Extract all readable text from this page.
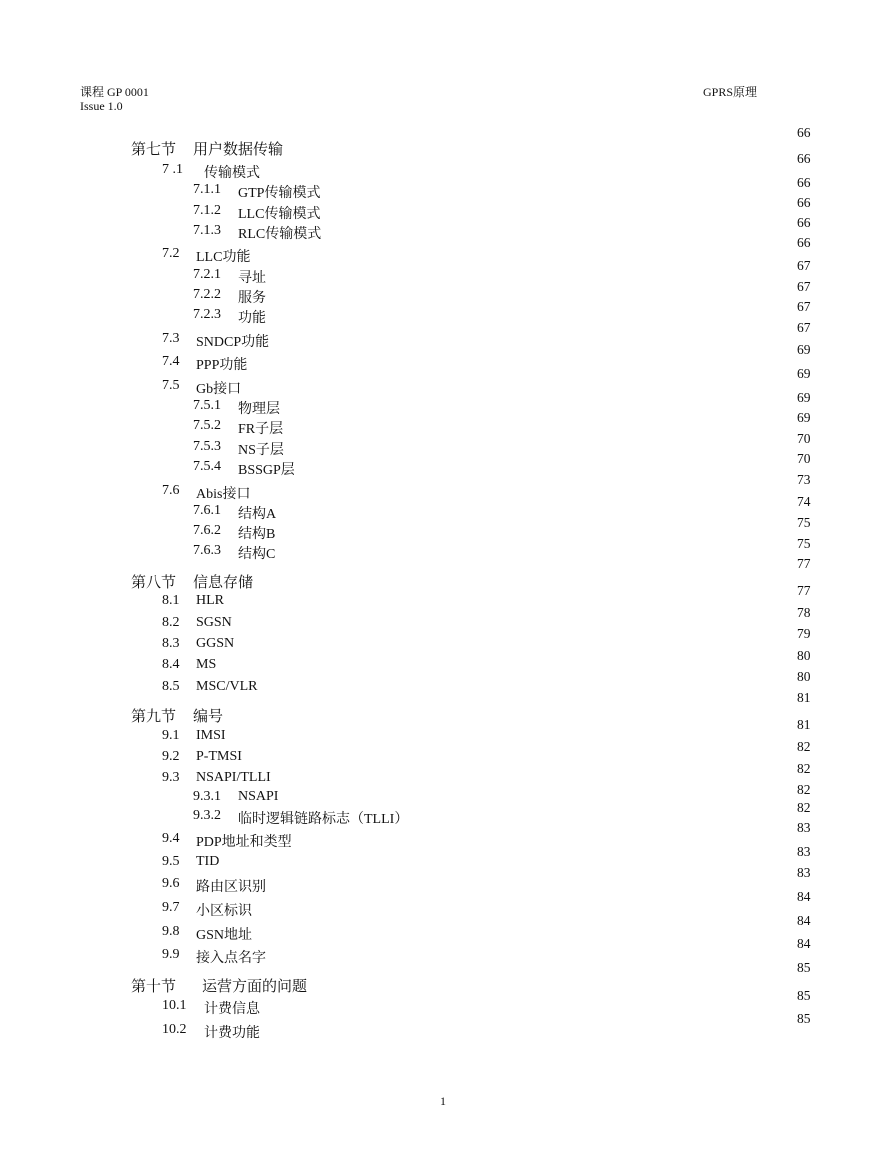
课程 GP 0001
Issue 1.0
GPRS原理
第七节 用户数据传输
66
7 .1 传输模式
66
7.1.1 GTP传输模式
66
7.1.2 LLC传输模式
66
7.1.3 RLC传输模式
66
7.2 LLC功能
66
7.2.1 寻址
67
7.2.2 服务
67
7.2.3 功能
67
7.3 SNDCP功能
67
7.4 PPP功能
69
7.5 Gb接口
69
7.5.1 物理层
69
7.5.2 FR子层
69
7.5.3 NS子层
70
7.5.4 BSSGP层
70
7.6 Abis接口
73
7.6.1 结构A
74
7.6.2 结构B
75
7.6.3 结构C
75
第八节 信息存储
77
8.1 HLR
77
8.2 SGSN
78
8.3 GGSN
79
8.4 MS
80
8.5 MSC/VLR
80
第九节 编号
81
9.1 IMSI
81
9.2 P-TMSI
82
9.3 NSAPI/TLLI
82
9.3.1 NSAPI	82
9.3.2 临时逻辑链路标志（TLLI）
82
9.4 PDP地址和类型
83
9.5 TID
83
9.6 路由区识别
83
9.7 小区标识
84
9.8 GSN地址
84
9.9 接入点名字
84
第十节 运营方面的问题
85
10.1 计费信息
85
10.2 计费功能
85
1
